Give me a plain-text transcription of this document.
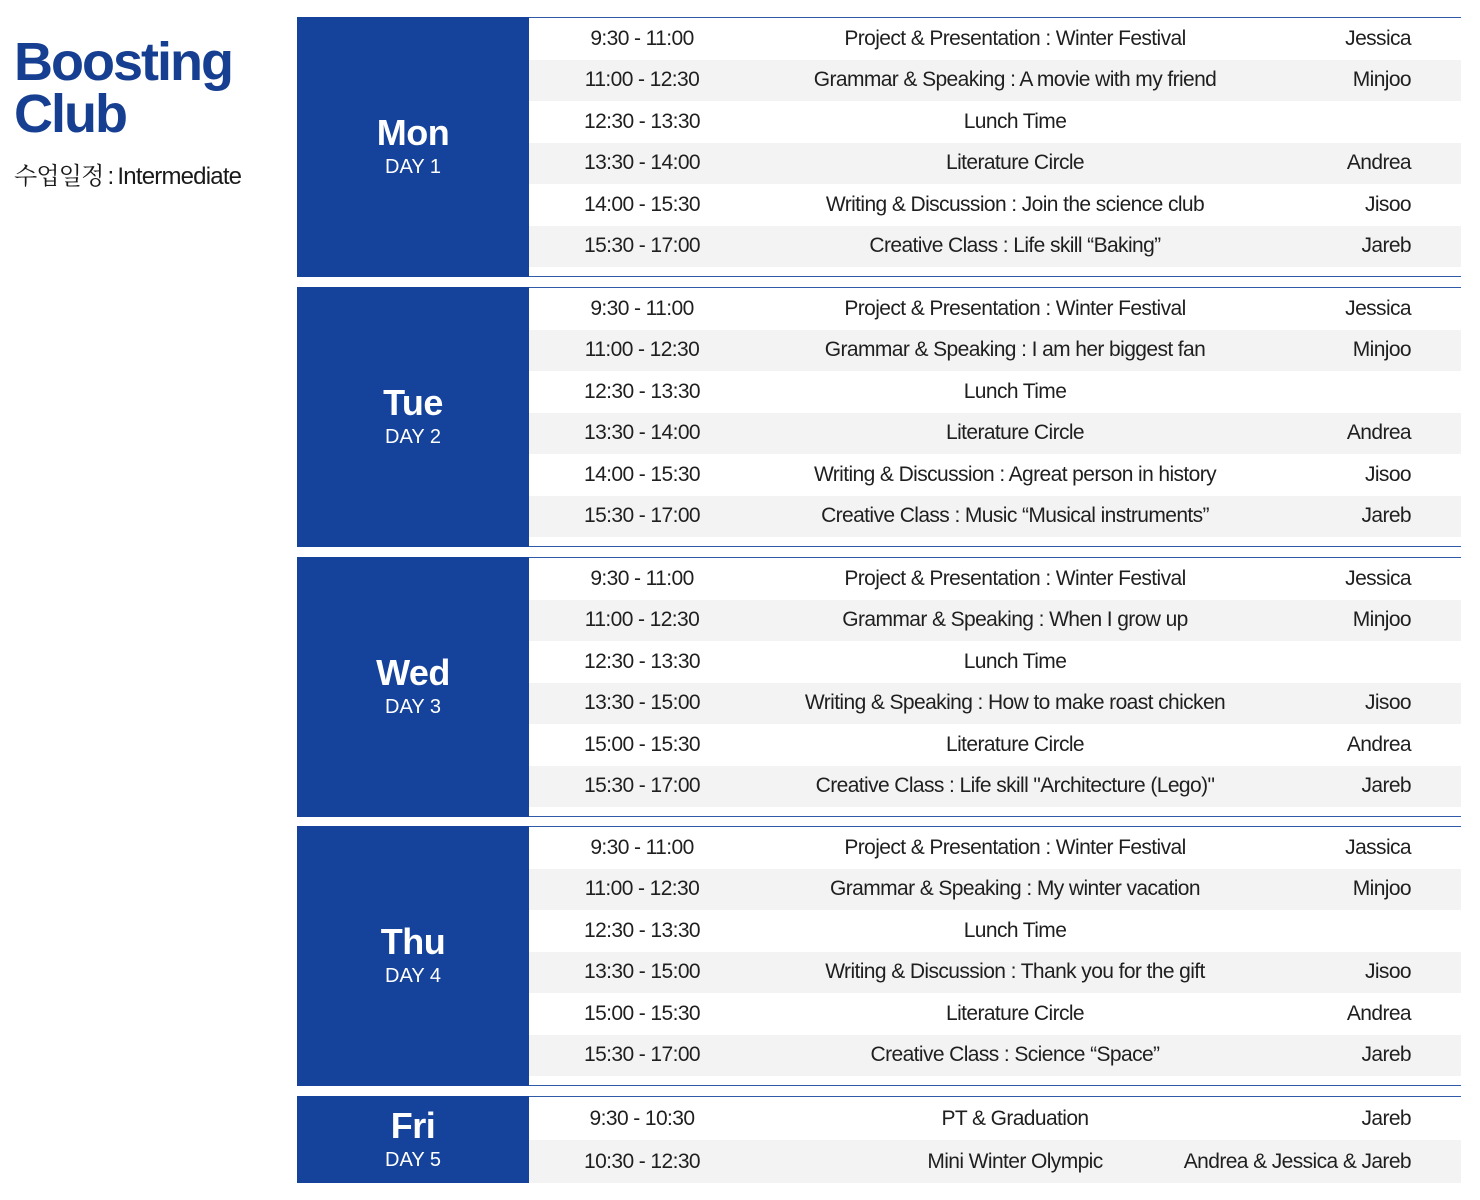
Boosting
Club
수업일정 : Intermediate
Mon
DAY 1
9:30 - 11:00	Project & Presentation : Winter Festival	Jessica
11:00 - 12:30	Grammar & Speaking : A movie with my friend	Minjoo
12:30 - 13:30	Lunch Time
13:30 - 14:00	Literature Circle	Andrea
14:00 - 15:30	Writing & Discussion : Join the science club	Jisoo
15:30 - 17:00	Creative Class : Life skill “Baking”	Jareb
Tue
DAY 2
9:30 - 11:00	Project & Presentation : Winter Festival	Jessica
11:00 - 12:30	Grammar & Speaking : I am her biggest fan	Minjoo
12:30 - 13:30	Lunch Time
13:30 - 14:00	Literature Circle	Andrea
14:00 - 15:30	Writing & Discussion : Agreat person in history	Jisoo
15:30 - 17:00	Creative Class : Music “Musical instruments”	Jareb
Wed
DAY 3
9:30 - 11:00	Project & Presentation : Winter Festival	Jessica
11:00 - 12:30	Grammar & Speaking : When I grow up	Minjoo
12:30 - 13:30	Lunch Time
13:30 - 15:00	Writing & Speaking : How to make roast chicken	Jisoo
15:00 - 15:30	Literature Circle	Andrea
15:30 - 17:00	Creative Class : Life skill "Architecture (Lego)"	Jareb
Thu
DAY 4
9:30 - 11:00	Project & Presentation : Winter Festival	Jassica
11:00 - 12:30	Grammar & Speaking : My winter vacation	Minjoo
12:30 - 13:30	Lunch Time
13:30 - 15:00	Writing & Discussion : Thank you for the gift	Jisoo
15:00 - 15:30	Literature Circle	Andrea
15:30 - 17:00	Creative Class : Science “Space”	Jareb
Fri
DAY 5
9:30 - 10:30	PT & Graduation	Jareb
10:30 - 12:30	Mini Winter Olympic	Andrea & Jessica & Jareb
